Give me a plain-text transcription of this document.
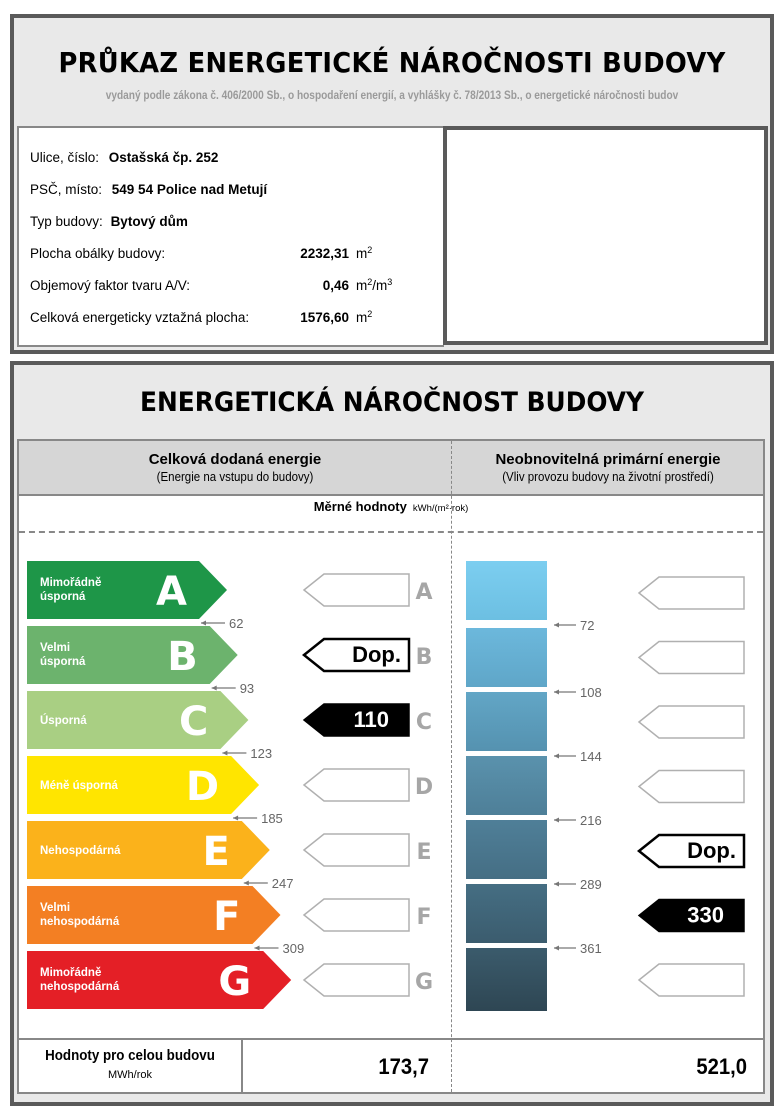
PRŮKAZ ENERGETICKÉ NÁROČNOSTI BUDOVY
vydaný podle zákona č. 406/2000 Sb., o hospodaření energií, a vyhlášky č. 78/2013 Sb., o energetické náročnosti budov
Ulice, číslo: Ostašská čp. 252
PSČ, místo: 549 54 Police nad Metují
Typ budovy: Bytový dům
Plocha obálky budovy:	2232,31 $m^2$
Objemový faktor tvaru A/V:	0,46 $m^2/m^3$
Celková energeticky vztažná plocha:	1576,60 $m^2$
ENERGETICKÁ NÁROČNOST BUDOVY
Celková dodaná energie
(Energie na vstupu do budovy)
Neobnovitelná primární energie
(Vliv provozu budovy na životní prostředí)
Měrné hodnoty kWh/(m²·rok)
Hodnoty pro celou budovu
MWh/rok	173,7	521,0
Mimořádně
úsporná A
62
A
Velmi
úsporná B
93
Dop. B
Úsporná C
123
110 C
Méně úsporná D
185
D
Nehospodárná E
247
E
Velmi
nehospodárná F
309
F
Mimořádně
nehospodárná G	G
72
108
144
216
289
Dop.
361
330
